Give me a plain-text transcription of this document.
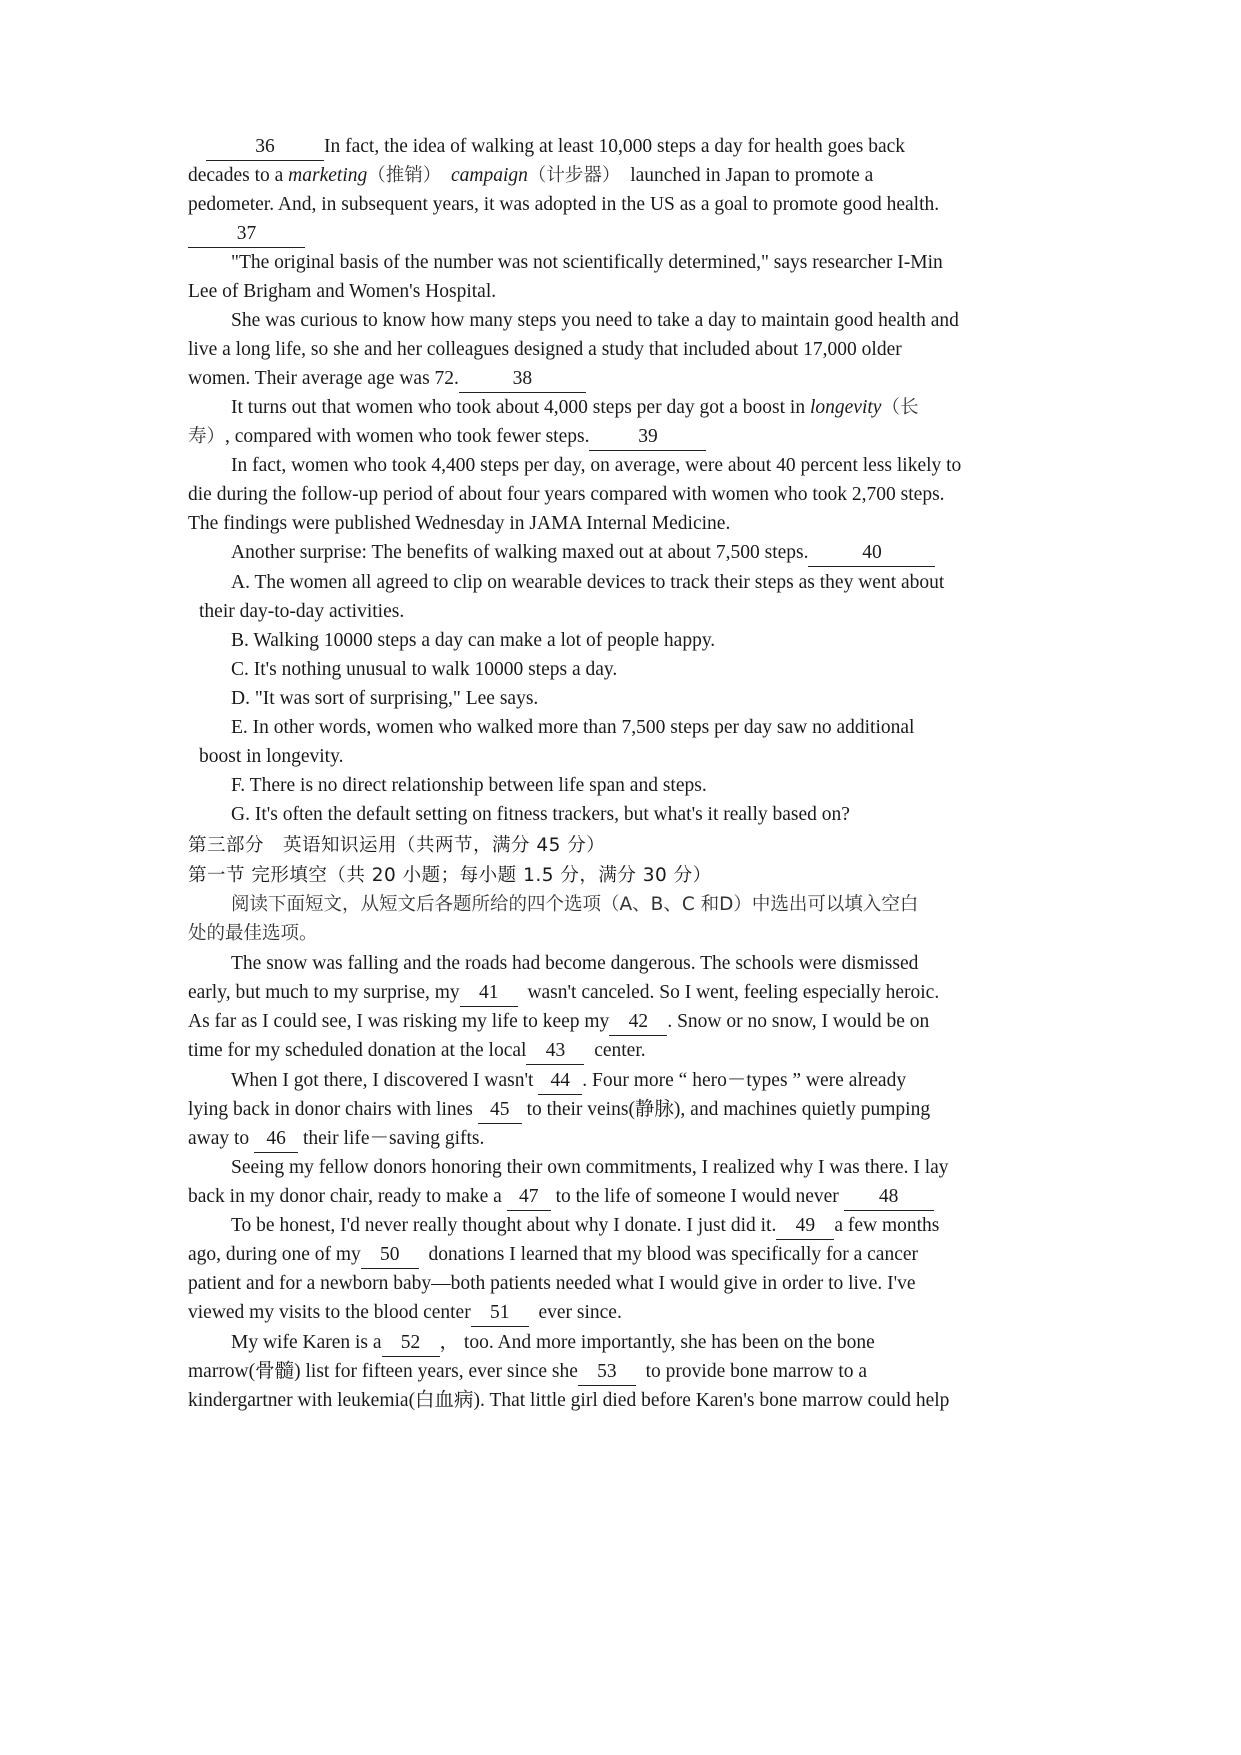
36	In fact, the idea of walking at least 10,000 steps a day for health goes back
decades to a marketing（推销） campaign（计步器） launched in Japan to promote a
pedometer. And, in subsequent years, it was adopted in the US as a goal to promote good health.
37
"The original basis of the number was not scientifically determined," says researcher I-Min
Lee of Brigham and Women's Hospital.
She was curious to know how many steps you need to take a day to maintain good health and
live a long life, so she and her colleagues designed a study that included about 17,000 older
women. Their average age was 72.	38
It turns out that women who took about 4,000 steps per day got a boost in longevity（长
寿）, compared with women who took fewer steps.	39
In fact, women who took 4,400 steps per day, on average, were about 40 percent less likely to
die during the follow-up period of about four years compared with women who took 2,700 steps.
The findings were published Wednesday in JAMA Internal Medicine.
Another surprise: The benefits of walking maxed out at about 7,500 steps.	40
A. The women all agreed to clip on wearable devices to track their steps as they went about
their day-to-day activities.
B. Walking 10000 steps a day can make a lot of people happy.
C. It's nothing unusual to walk 10000 steps a day.
D. "It was sort of surprising," Lee says.
E. In other words, women who walked more than 7,500 steps per day saw no additional
boost in longevity.
F. There is no direct relationship between life span and steps.
G. It's often the default setting on fitness trackers, but what's it really based on?
第三部分　英语知识运用（共两节，满分 45 分）
第一节 完形填空（共 20 小题；每小题 1.5 分，满分 30 分）
阅读下面短文，从短文后各题所给的四个选项（A、B、C 和D）中选出可以填入空白
处的最佳选项。
The snow was falling and the roads had become dangerous. The schools were dismissed
early, but much to my surprise, my 41 wasn't canceled. So I went, feeling especially heroic.
As far as I could see, I was risking my life to keep my 42 . Snow or no snow, I would be on
time for my scheduled donation at the local 43 center.
When I got there, I discovered I wasn't 44 . Four more “ hero－types ” were already
lying back in donor chairs with lines 45 to their veins(静脉), and machines quietly pumping
away to 46 their life－saving gifts.
Seeing my fellow donors honoring their own commitments, I realized why I was there. I lay
back in my donor chair, ready to make a 47 to the life of someone I would never 48
To be honest, I'd never really thought about why I donate. I just did it. 49 a few months
ago, during one of my 50 donations I learned that my blood was specifically for a cancer
patient and for a newborn baby—both patients needed what I would give in order to live. I've
viewed my visits to the blood center 51 ever since.
My wife Karen is a 52 ， too. And more importantly, she has been on the bone
marrow(骨髓) list for fifteen years, ever since she 53 to provide bone marrow to a
kindergartner with leukemia(白血病). That little girl died before Karen's bone marrow could help
